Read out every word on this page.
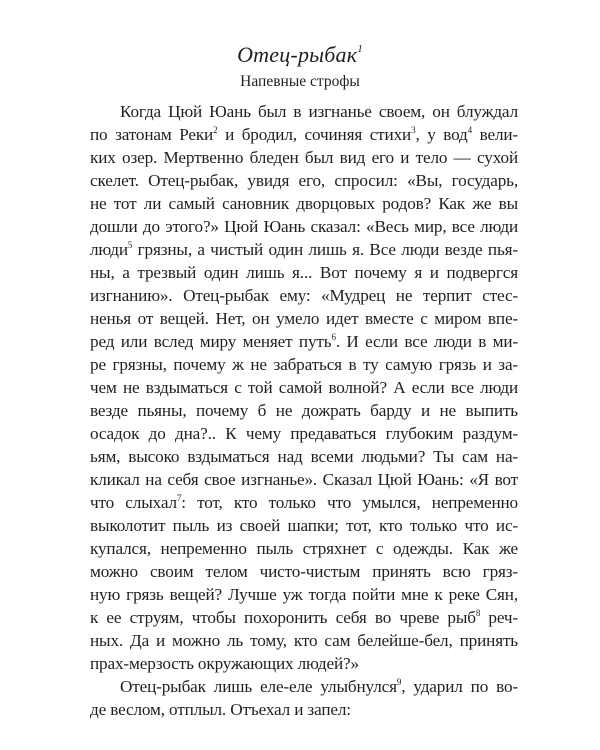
Отец-рыбак$^1$
Напевные строфы
Когда Цюй Юань был в изгнанье своем, он блуждал
по затонам Реки$^2$ и бродил, сочиняя стихи$^3$, у вод$^4$ вели-
ких озер. Мертвенно бледен был вид его и тело — сухой
скелет. Отец-рыбак, увидя его, спросил: «Вы, государь,
не тот ли самый сановник дворцовых родов? Как же вы
дошли до этого?» Цюй Юань сказал: «Весь мир, все люди
люди$^5$ грязны, а чистый один лишь я. Все люди везде пья-
ны, а трезвый один лишь я... Вот почему я и подвергся
изгнанию». Отец-рыбак ему: «Мудрец не терпит стес-
ненья от вещей. Нет, он умело идет вместе с миром впе-
ред или вслед миру меняет путь$^6$. И если все люди в ми-
ре грязны, почему ж не забраться в ту самую грязь и за-
чем не вздыматься с той самой волной? А если все люди
везде пьяны, почему б не дожрать барду и не выпить
осадок до дна?.. К чему предаваться глубоким раздум-
ьям, высоко вздыматься над всеми людьми? Ты сам на-
кликал на себя свое изгнанье». Сказал Цюй Юань: «Я вот
что слыхал$^7$: тот, кто только что умылся, непременно
выколотит пыль из своей шапки; тот, кто только что ис-
купался, непременно пыль стряхнет с одежды. Как же
можно своим телом чисто-чистым принять всю гряз-
ную грязь вещей? Лучше уж тогда пойти мне к реке Сян,
к ее струям, чтобы похоронить себя во чреве рыб$^8$ реч-
ных. Да и можно ль тому, кто сам белейше-бел, принять
прах-мерзость окружающих людей?»
Отец-рыбак лишь еле-еле улыбнулся$^9$, ударил по во-
де веслом, отплыл. Отъехал и запел:
